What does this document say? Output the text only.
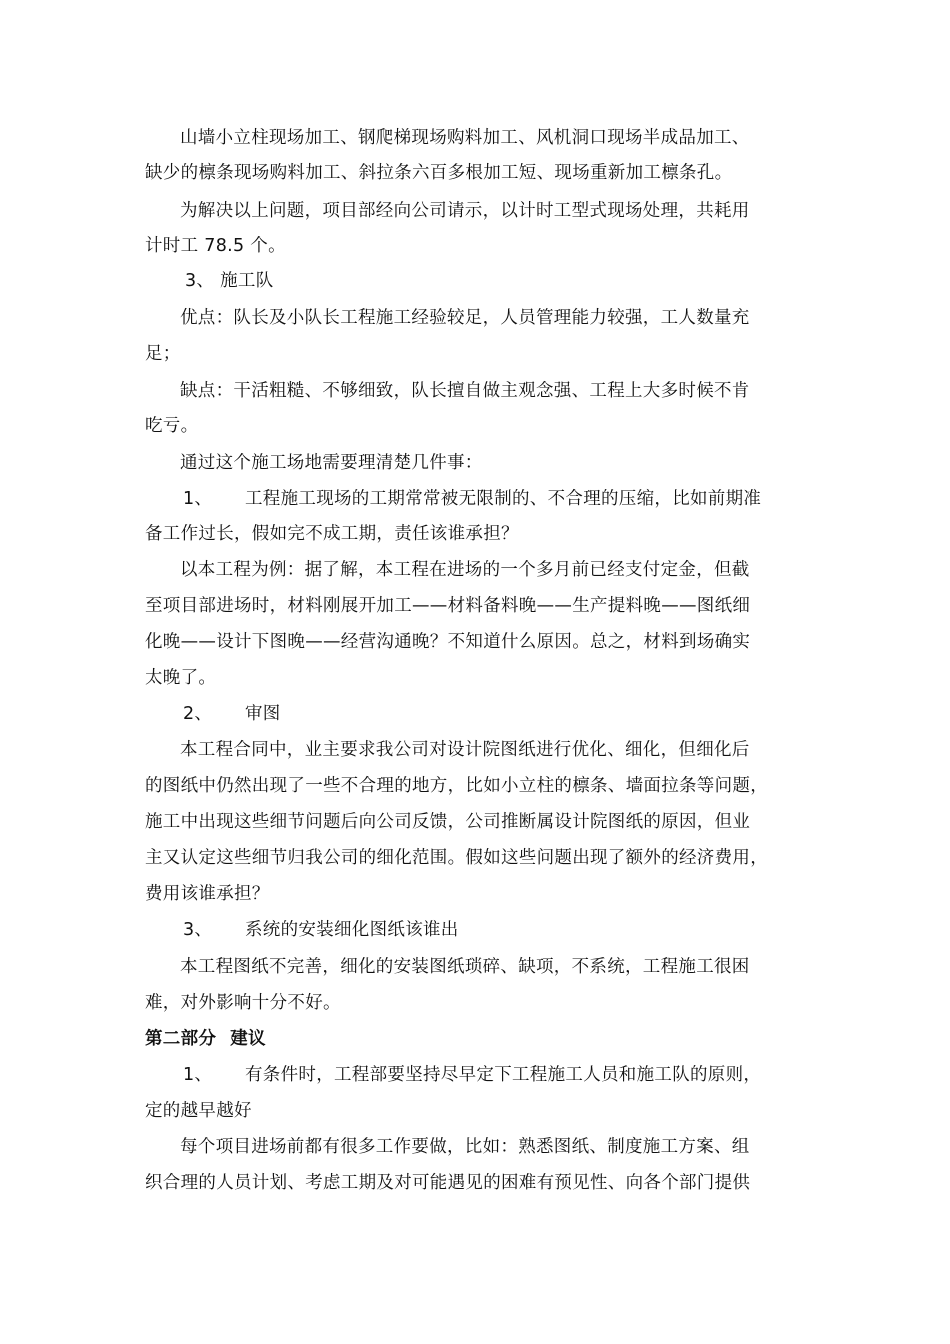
山墙小立柱现场加工、钢爬梯现场购料加工、风机洞口现场半成品加工、
缺少的檩条现场购料加工、斜拉条六百多根加工短、现场重新加工檩条孔。
为解决以上问题，项目部经向公司请示，以计时工型式现场处理，共耗用
计时工 78.5 个。
3、 施工队
优点：队长及小队长工程施工经验较足，人员管理能力较强，工人数量充
足；
缺点：干活粗糙、不够细致，队长擅自做主观念强、工程上大多时候不肯
吃亏。
通过这个施工场地需要理清楚几件事：
1、 工程施工现场的工期常常被无限制的、不合理的压缩，比如前期准
备工作过长，假如完不成工期，责任该谁承担？
以本工程为例：据了解，本工程在进场的一个多月前已经支付定金，但截
至项目部进场时，材料刚展开加工——材料备料晚——生产提料晚——图纸细
化晚——设计下图晚——经营沟通晚？不知道什么原因。总之，材料到场确实
太晚了。
2、 审图
本工程合同中，业主要求我公司对设计院图纸进行优化、细化，但细化后
的图纸中仍然出现了一些不合理的地方，比如小立柱的檩条、墙面拉条等问题，
施工中出现这些细节问题后向公司反馈，公司推断属设计院图纸的原因，但业
主又认定这些细节归我公司的细化范围。假如这些问题出现了额外的经济费用，
费用该谁承担？
3、 系统的安装细化图纸该谁出
本工程图纸不完善，细化的安装图纸琐碎、缺项，不系统，工程施工很困
难，对外影响十分不好。
第二部分 建议
1、 有条件时，工程部要坚持尽早定下工程施工人员和施工队的原则，
定的越早越好
每个项目进场前都有很多工作要做，比如：熟悉图纸、制度施工方案、组
织合理的人员计划、考虑工期及对可能遇见的困难有预见性、向各个部门提供
